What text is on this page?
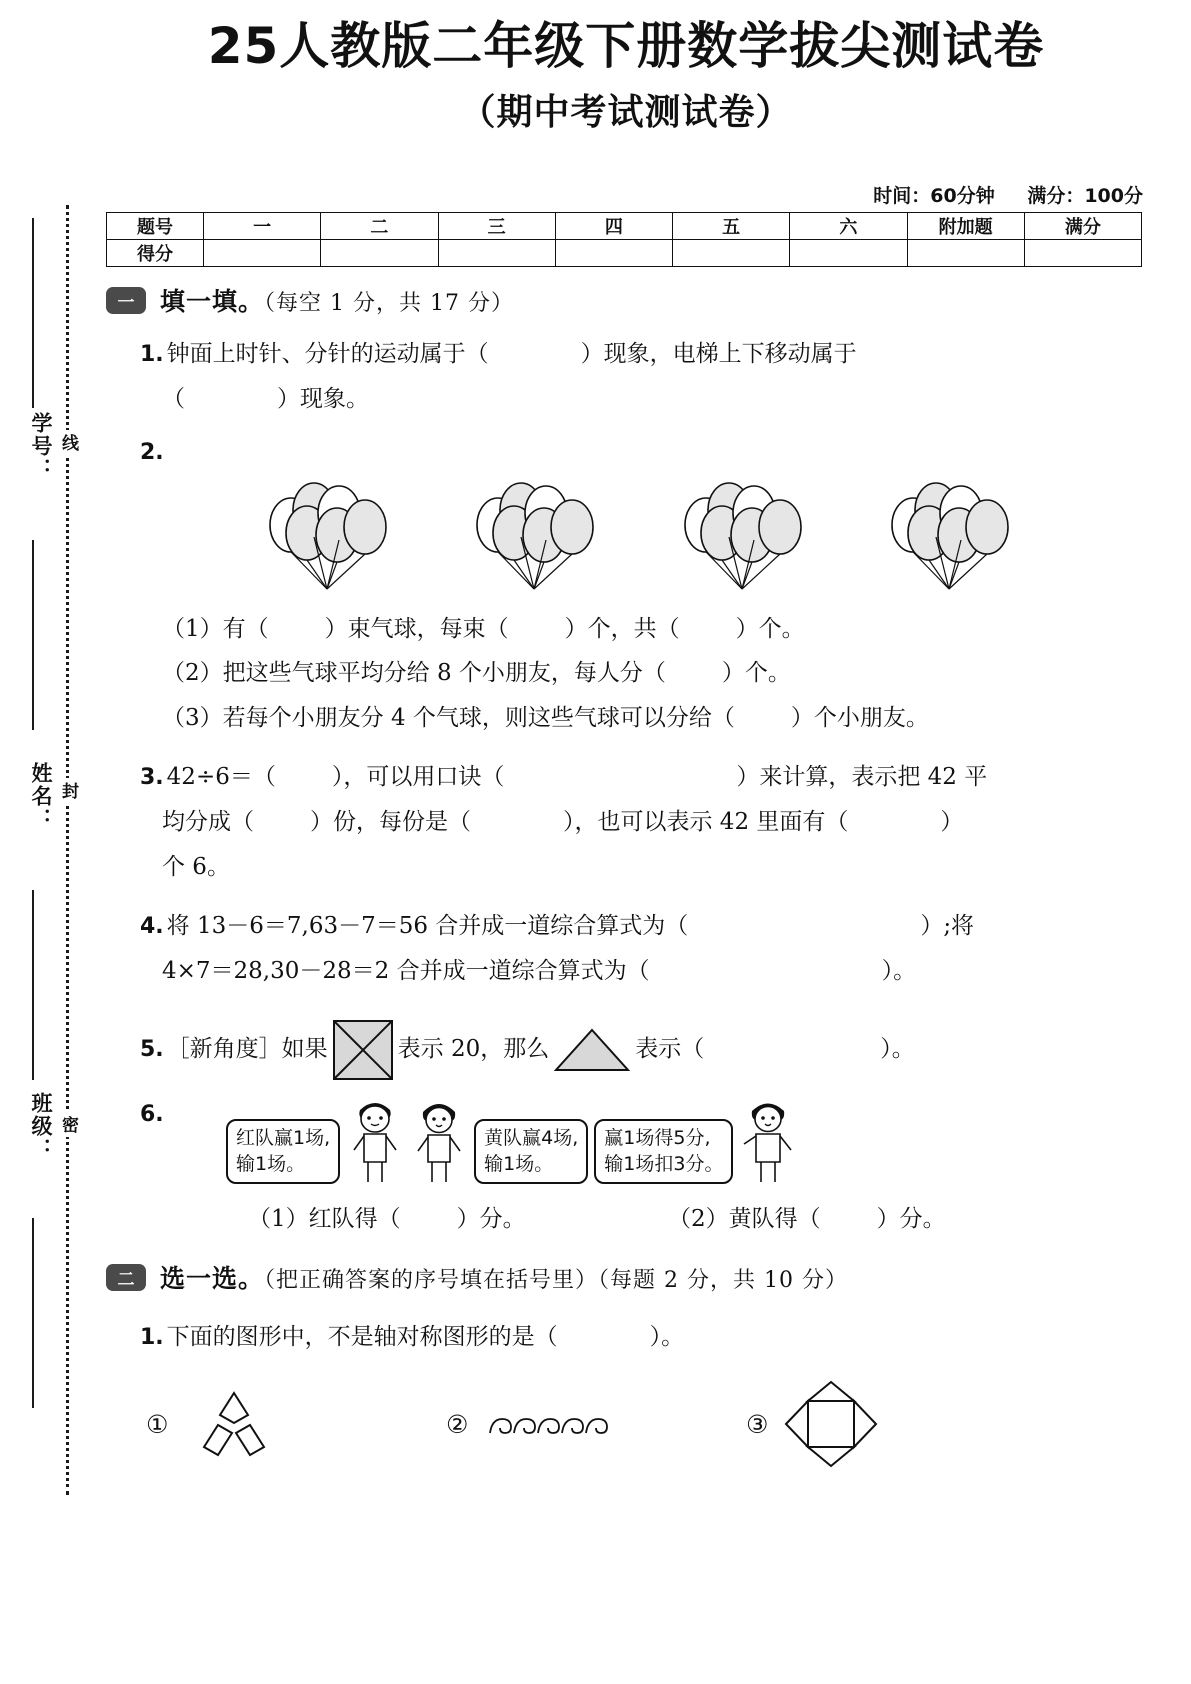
学号：
姓名：
班级：
线
封
密
25人教版二年级下册数学拔尖测试卷
（期中考试测试卷）
时间：60分钟 满分：100分
题号	一	二	三	四	五	六	附加题	满分
得分								
一	填一填。（每空 1 分，共 17 分）
1. 钟面上时针、分针的运动属于（	）现象，电梯上下移动属于
（	）现象。
2.
（1）有（ ）束气球，每束（ ）个，共（ ）个。
（2）把这些气球平均分给 8 个小朋友，每人分（ ）个。
（3）若每个小朋友分 4 个气球，则这些气球可以分给（ ）个小朋友。
3. 42÷6＝（ ），可以用口诀（	）来计算，表示把 42 平
均分成（ ）份，每份是（	），也可以表示 42 里面有（	）
个 6。
4. 将 13－6＝7,63－7＝56 合并成一道综合算式为（	）;将
4×7＝28,30－28＝2 合并成一道综合算式为（	）。
5. ［新角度］如果	表示 20，那么	表示（	）。
6.
红队赢1场,
输1场。
黄队赢4场,
输1场。
赢1场得5分,
输1场扣3分。
（1）红队得（ ）分。	（2）黄队得（ ）分。
二	选一选。（把正确答案的序号填在括号里）（每题 2 分，共 10 分）
1. 下面的图形中，不是轴对称图形的是（	）。
①	②	③
